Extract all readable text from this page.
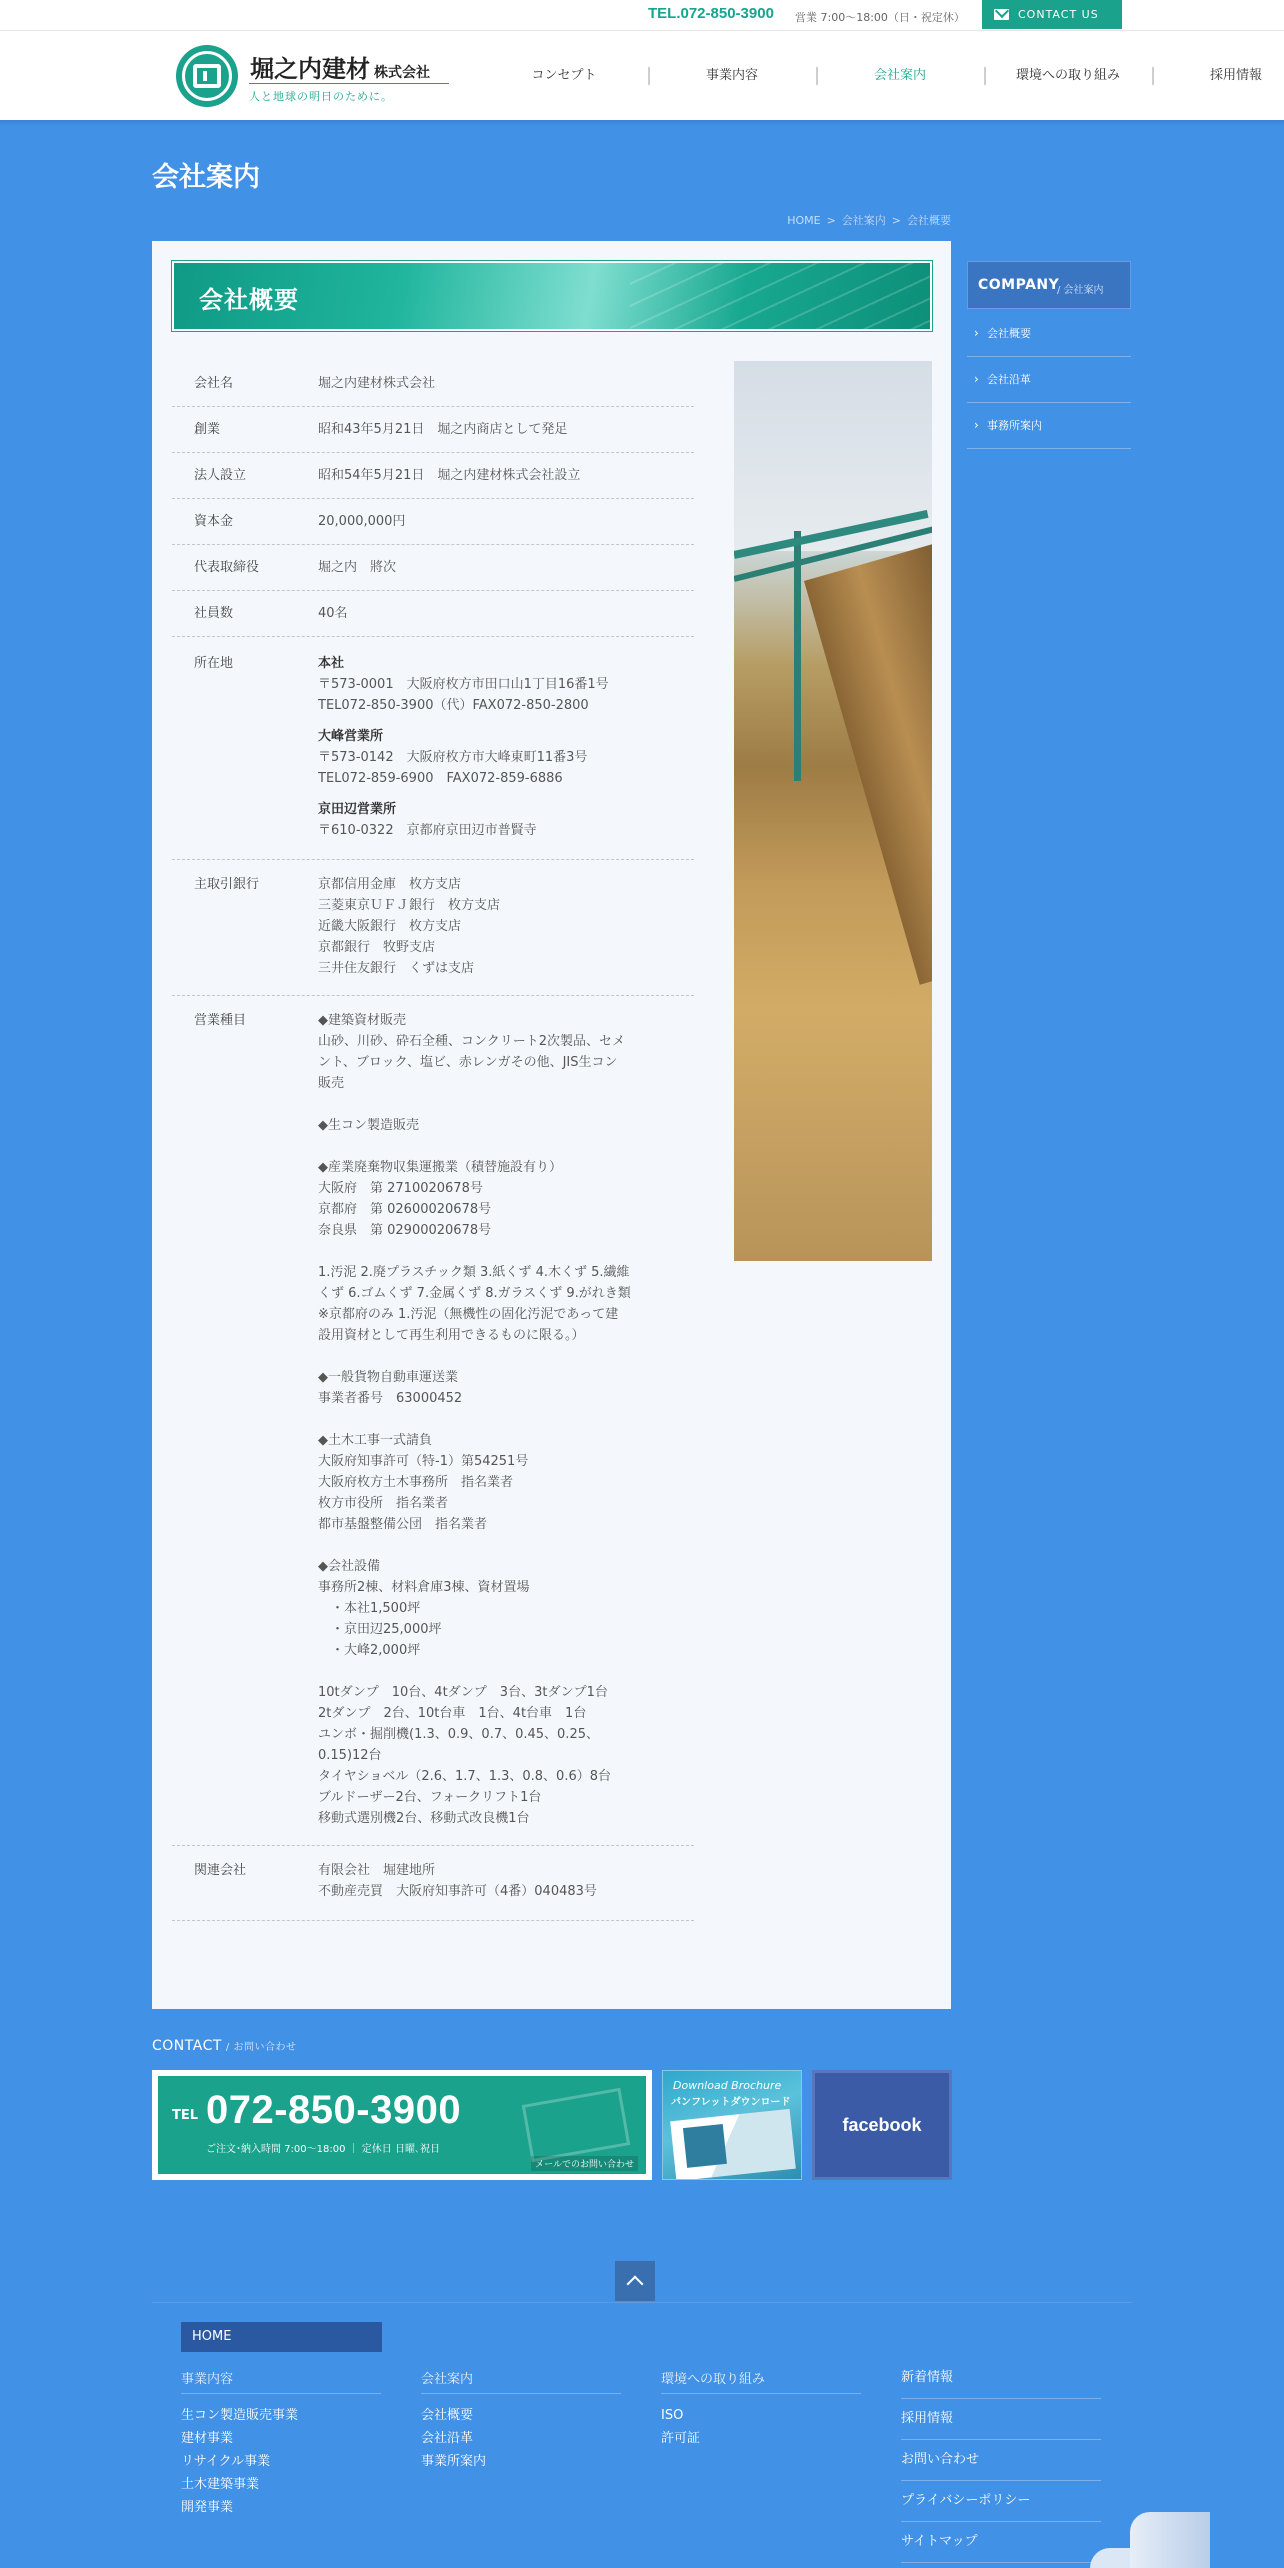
TEL.072-850-3900 営業 7:00～18:00（日・祝定休）	CONTACT US
堀之内建材 株式会社
人と地球の明日のために。
コンセプト	事業内容	会社案内	環境への取り組み	採用情報
会社案内
HOME > 会社案内 > 会社概要
会社概要
会社名	堀之内建材株式会社
創業	昭和43年5月21日　堀之内商店として発足
法人設立	昭和54年5月21日　堀之内建材株式会社設立
資本金	20,000,000円
代表取締役	堀之内　將次
社員数	40名
所在地	本社
〒573-0001　大阪府枚方市田口山1丁目16番1号
TEL072-850-3900（代）FAX072-850-2800
大峰営業所
〒573-0142　大阪府枚方市大峰東町11番3号
TEL072-859-6900　FAX072-859-6886
京田辺営業所
〒610-0322　京都府京田辺市普賢寺
主取引銀行	京都信用金庫　枚方支店
三菱東京ＵＦＪ銀行　枚方支店
近畿大阪銀行　枚方支店
京都銀行　牧野支店
三井住友銀行　くずは支店
営業種目	◆建築資材販売
山砂、川砂、砕石全種、コンクリート2次製品、セメ
ント、ブロック、塩ビ、赤レンガその他、JIS生コン
販売
◆生コン製造販売
◆産業廃棄物収集運搬業（積替施設有り）
大阪府　第 2710020678号
京都府　第 02600020678号
奈良県　第 02900020678号
1.汚泥 2.廃プラスチック類 3.紙くず 4.木くず 5.繊維
くず 6.ゴムくず 7.金属くず 8.ガラスくず 9.がれき類
※京都府のみ 1.汚泥（無機性の固化汚泥であって建
設用資材として再生利用できるものに限る。）
◆一般貨物自動車運送業
事業者番号　63000452
◆土木工事一式請負
大阪府知事許可（特-1）第54251号
大阪府枚方土木事務所　指名業者
枚方市役所　指名業者
都市基盤整備公団　指名業者
◆会社設備
事務所2棟、材料倉庫3棟、資材置場
　・本社1,500坪
　・京田辺25,000坪
　・大峰2,000坪
10tダンプ　10台、4tダンプ　3台、3tダンプ1台
2tダンプ　2台、10t台車　1台、4t台車　1台
ユンボ・掘削機(1.3、0.9、0.7、0.45、0.25、
0.15)12台
タイヤショベル（2.6、1.7、1.3、0.8、0.6）8台
ブルドーザー2台、フォークリフト1台
移動式選別機2台、移動式改良機1台
関連会社	有限会社　堀建地所
不動産売買　大阪府知事許可（4番）040483号
COMPANY
/ 会社案内
› 会社概要
› 会社沿革
› 事務所案内
CONTACT / お問い合わせ
TEL 072-850-3900
ご注文･納入時間 7:00～18:00 ｜ 定休日 日曜､祝日
メールでのお問い合わせ
Download Brochure
パンフレットダウンロード
facebook
HOME
事業内容
生コン製造販売事業
建材事業
リサイクル事業
土木建築事業
開発事業
会社案内
会社概要
会社沿革
事業所案内
環境への取り組み
ISO
許可証
新着情報
採用情報
お問い合わせ
プライバシーポリシー
サイトマップ
